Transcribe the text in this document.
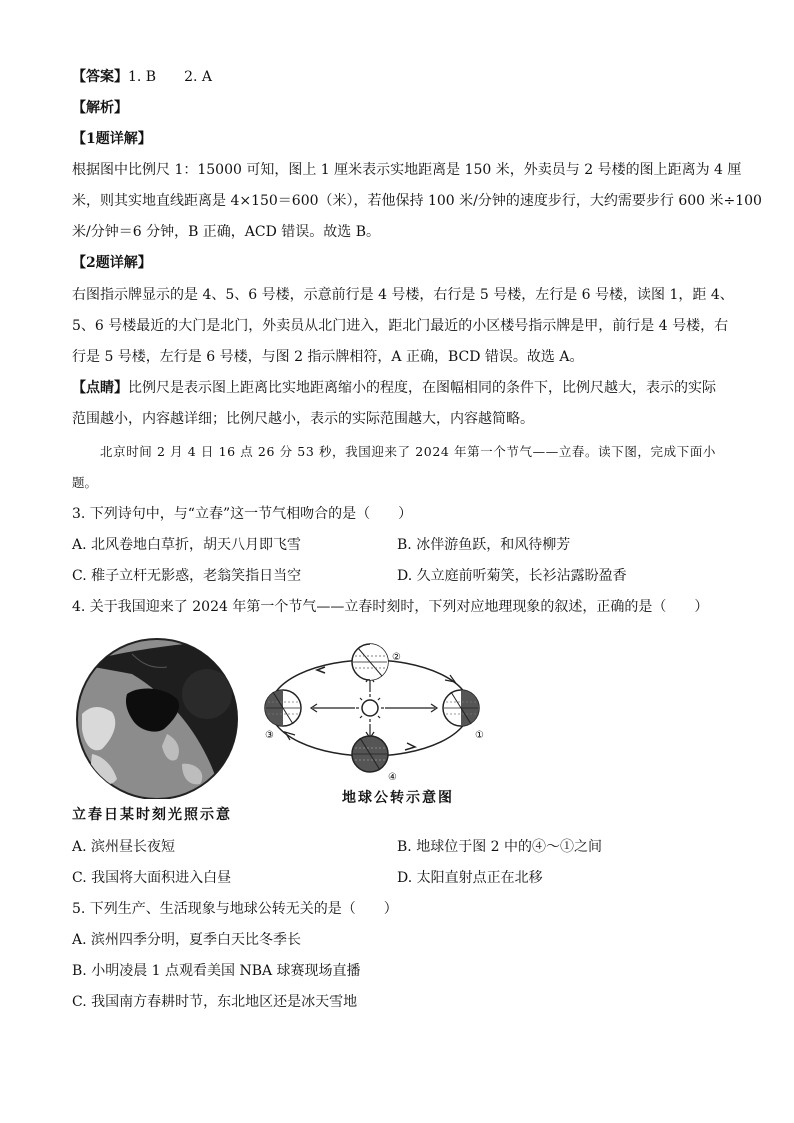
【答案】1. B　　2. A
【解析】
【1题详解】
根据图中比例尺 1：15000 可知，图上 1 厘米表示实地距离是 150 米，外卖员与 2 号楼的图上距离为 4 厘
米，则其实地直线距离是 4×150＝600（米），若他保持 100 米/分钟的速度步行，大约需要步行 600 米÷100
米/分钟＝6 分钟，B 正确，ACD 错误。故选 B。
【2题详解】
右图指示牌显示的是 4、5、6 号楼，示意前行是 4 号楼，右行是 5 号楼，左行是 6 号楼，读图 1，距 4、
5、6 号楼最近的大门是北门，外卖员从北门进入，距北门最近的小区楼号指示牌是甲，前行是 4 号楼，右
行是 5 号楼，左行是 6 号楼，与图 2 指示牌相符，A 正确，BCD 错误。故选 A。
【点睛】比例尺是表示图上距离比实地距离缩小的程度，在图幅相同的条件下，比例尺越大，表示的实际
范围越小，内容越详细；比例尺越小，表示的实际范围越大，内容越简略。
北京时间 2 月 4 日 16 点 26 分 53 秒，我国迎来了 2024 年第一个节气——立春。读下图，完成下面小
题。
3. 下列诗句中，与“立春”这一节气相吻合的是（　　）
A. 北风卷地白草折，胡天八月即飞雪	B. 冰伴游鱼跃，和风待柳芳
C. 稚子立杆无影惑，老翁笑指日当空	D. 久立庭前听菊笑，长衫沾露盼盈香
4. 关于我国迎来了 2024 年第一个节气——立春时刻时，下列对应地理现象的叙述，正确的是（　　）
立春日某时刻光照示意
②
①
③
④
地球公转示意图
A. 滨州昼长夜短	B. 地球位于图 2 中的④～①之间
C. 我国将大面积进入白昼	D. 太阳直射点正在北移
5. 下列生产、生活现象与地球公转无关的是（　　）
A. 滨州四季分明，夏季白天比冬季长
B. 小明凌晨 1 点观看美国 NBA 球赛现场直播
C. 我国南方春耕时节，东北地区还是冰天雪地
